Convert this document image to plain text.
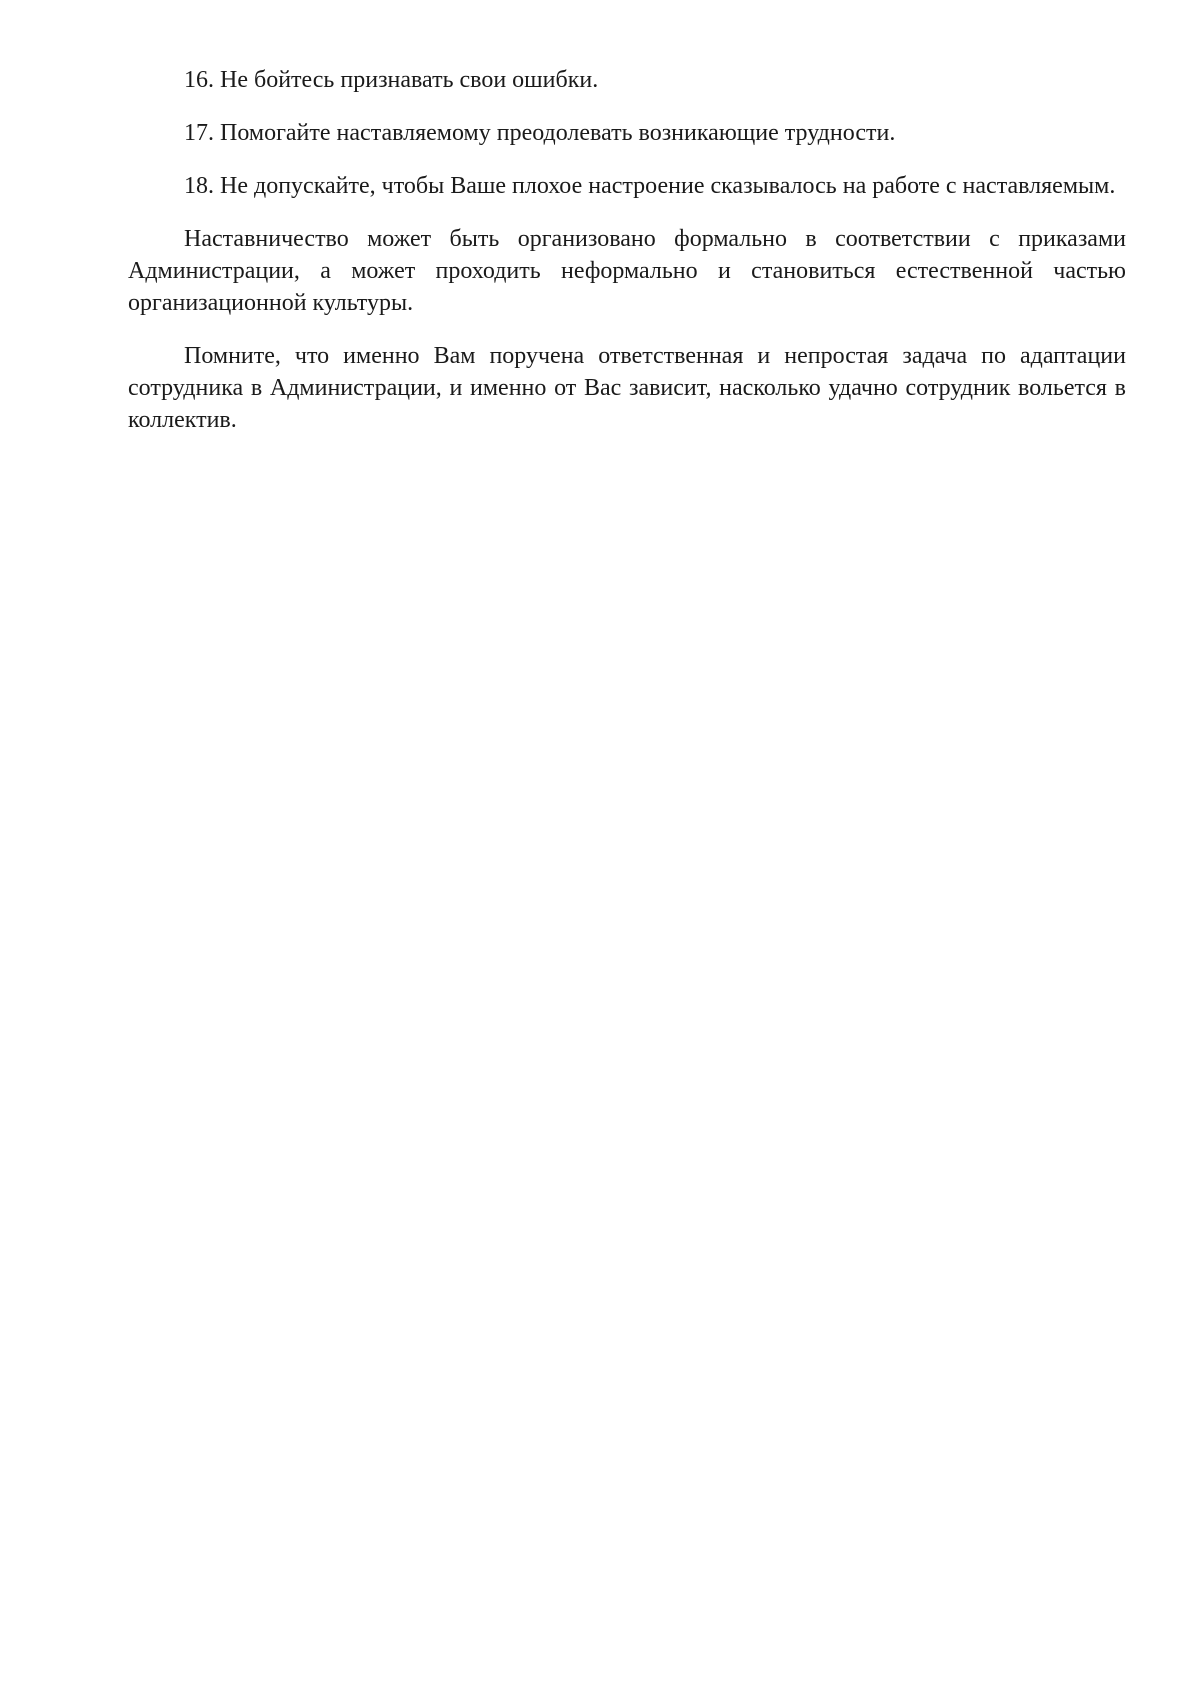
16. Не бойтесь признавать свои ошибки.

17. Помогайте наставляемому преодолевать возникающие трудности.

18. Не допускайте, чтобы Ваше плохое настроение сказывалось на работе с наставляемым.

Наставничество может быть организовано формально в соответствии с приказами Администрации, а может проходить неформально и становиться естественной частью организационной культуры.

Помните, что именно Вам поручена ответственная и непростая задача по адаптации сотрудника в Администрации, и именно от Вас зависит, насколько удачно сотрудник вольется в коллектив.
